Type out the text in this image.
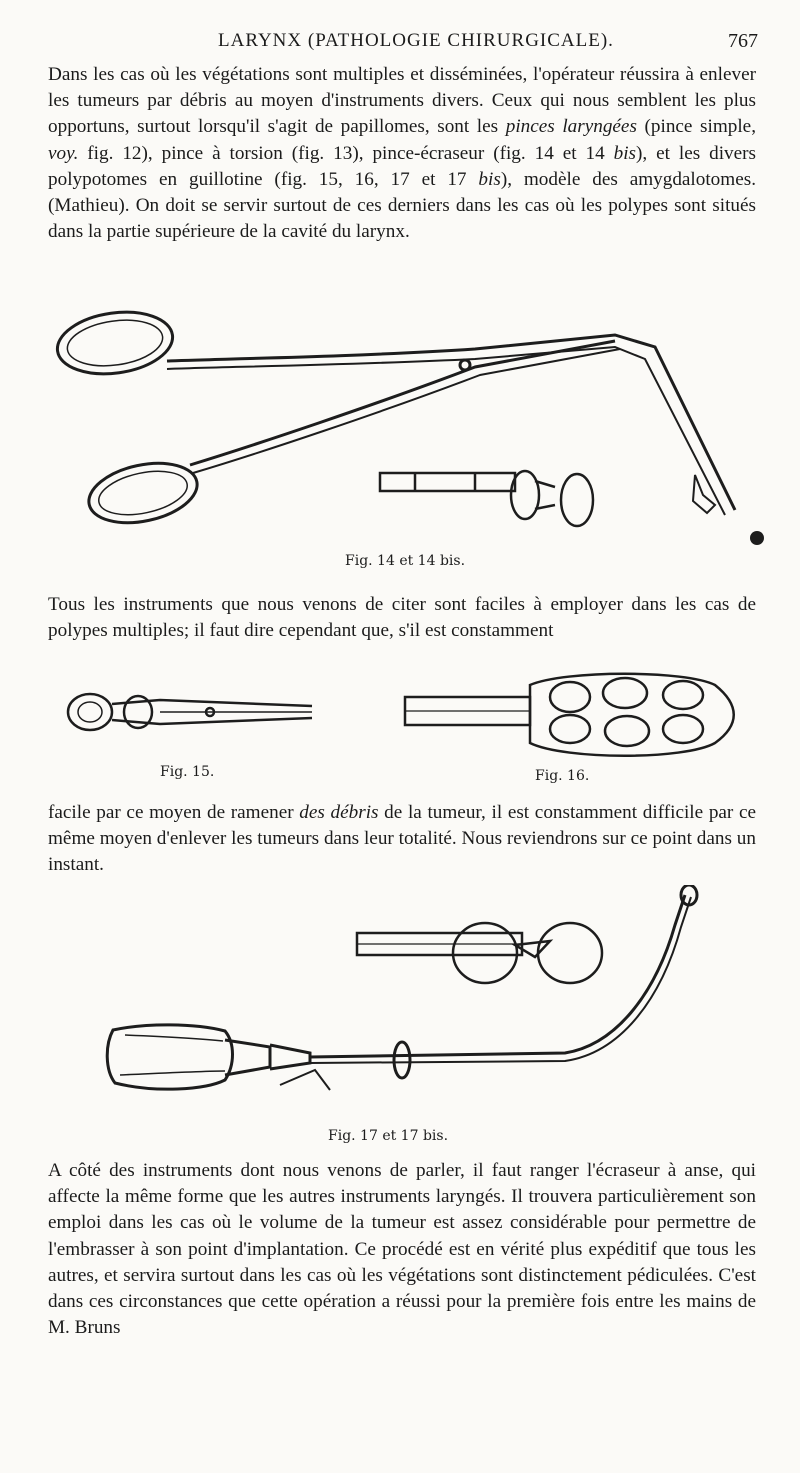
LARYNX (PATHOLOGIE CHIRURGICALE).	767

Dans les cas où les végétations sont multiples et disséminées, l'opérateur réussira à enlever les tumeurs par débris au moyen d'instruments divers. Ceux qui nous semblent les plus opportuns, surtout lorsqu'il s'agit de papillomes, sont les pinces laryngées (pince simple, voy. fig. 12), pince à torsion (fig. 13), pince-écraseur (fig. 14 et 14 bis), et les divers polypotomes en guillotine (fig. 15, 16, 17 et 17 bis), modèle des amygdalotomes. (Mathieu). On doit se servir surtout de ces derniers dans les cas où les polypes sont situés dans la partie supérieure de la cavité du larynx.

Fig. 14 et 14 bis.

Tous les instruments que nous venons de citer sont faciles à employer dans les cas de polypes multiples; il faut dire cependant que, s'il est constamment

Fig. 15.	Fig. 16.

facile par ce moyen de ramener des débris de la tumeur, il est constamment difficile par ce même moyen d'enlever les tumeurs dans leur totalité. Nous reviendrons sur ce point dans un instant.

Fig. 17 et 17 bis.

A côté des instruments dont nous venons de parler, il faut ranger l'écraseur à anse, qui affecte la même forme que les autres instruments laryngés. Il trouvera particulièrement son emploi dans les cas où le volume de la tumeur est assez considérable pour permettre de l'embrasser à son point d'implantation. Ce procédé est en vérité plus expéditif que tous les autres, et servira surtout dans les cas où les végétations sont distinctement pédiculées. C'est dans ces circonstances que cette opération a réussi pour la première fois entre les mains de M. Bruns
